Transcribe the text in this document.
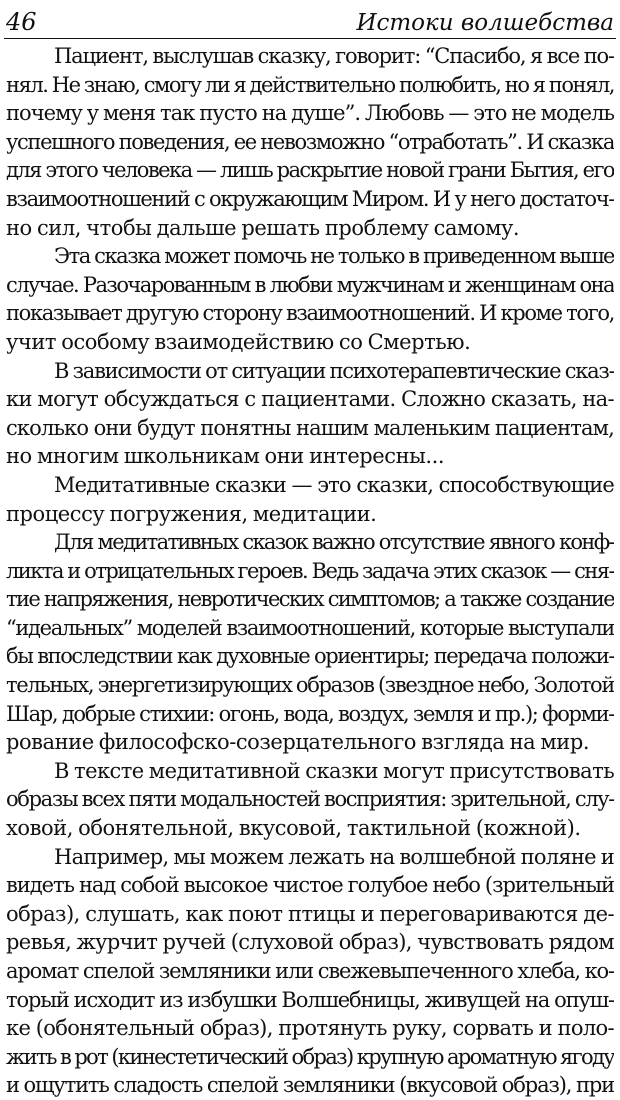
46	Истоки волшебства
Пациент, выслушав сказку, говорит: “Спасибо, я все по-
нял. Не знаю, смогу ли я действительно полюбить, но я понял,
почему у меня так пусто на душе”. Любовь — это не модель
успешного поведения, ее невозможно “отработать”. И сказка
для этого человека — лишь раскрытие новой грани Бытия, его
взаимоотношений с окружающим Миром. И у него достаточ-
но сил, чтобы дальше решать проблему самому.
Эта сказка может помочь не только в приведенном выше
случае. Разочарованным в любви мужчинам и женщинам она
показывает другую сторону взаимоотношений. И кроме того,
учит особому взаимодействию со Смертью.
В зависимости от ситуации психотерапевтические сказ-
ки могут обсуждаться с пациентами. Сложно сказать, на-
сколько они будут понятны нашим маленьким пациентам,
но многим школьникам они интересны...
Медитативные сказки — это сказки, способствующие
процессу погружения, медитации.
Для медитативных сказок важно отсутствие явного конф-
ликта и отрицательных героев. Ведь задача этих сказок — сня-
тие напряжения, невротических симптомов; а также создание
“идеальных” моделей взаимоотношений, которые выступали
бы впоследствии как духовные ориентиры; передача положи-
тельных, энергетизирующих образов (звездное небо, Золотой
Шар, добрые стихии: огонь, вода, воздух, земля и пр.); форми-
рование философско-созерцательного взгляда на мир.
В тексте медитативной сказки могут присутствовать
образы всех пяти модальностей восприятия: зрительной, слу-
ховой, обонятельной, вкусовой, тактильной (кожной).
Например, мы можем лежать на волшебной поляне и
видеть над собой высокое чистое голубое небо (зрительный
образ), слушать, как поют птицы и переговариваются де-
ревья, журчит ручей (слуховой образ), чувствовать рядом
аромат спелой земляники или свежевыпеченного хлеба, ко-
торый исходит из избушки Волшебницы, живущей на опуш-
ке (обонятельный образ), протянуть руку, сорвать и поло-
жить в рот (кинестетический образ) крупную ароматную ягоду
и ощутить сладость спелой земляники (вкусовой образ), при
